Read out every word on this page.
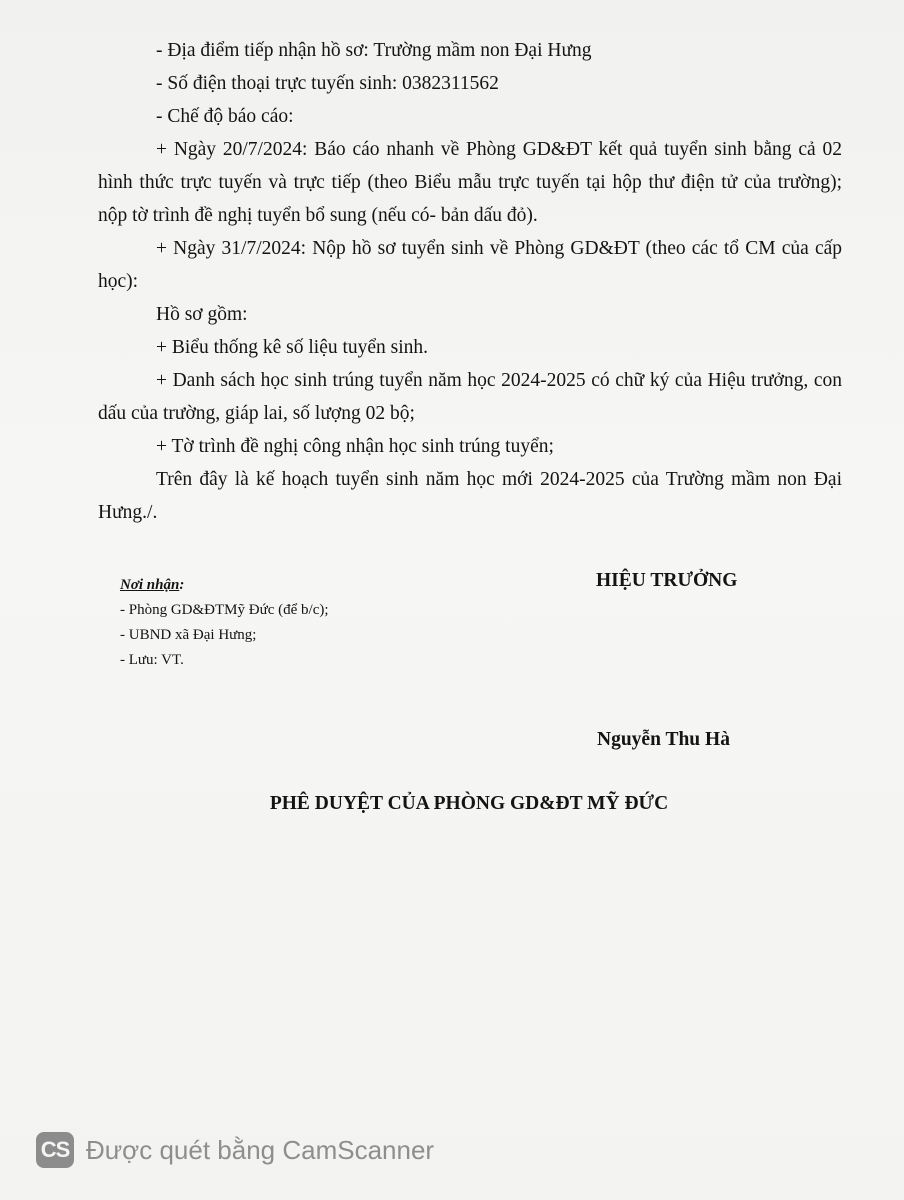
- Địa điểm tiếp nhận hồ sơ: Trường mầm non Đại Hưng

- Số điện thoại trực tuyến sinh: 0382311562

- Chế độ báo cáo:

+ Ngày 20/7/2024: Báo cáo nhanh về Phòng GD&ĐT kết quả tuyển sinh bằng cả 02 hình thức trực tuyến và trực tiếp (theo Biểu mẫu trực tuyến tại hộp thư điện tử của trường); nộp tờ trình đề nghị tuyển bổ sung (nếu có- bản dấu đỏ).

+ Ngày 31/7/2024: Nộp hồ sơ tuyển sinh về Phòng GD&ĐT (theo các tổ CM của cấp học):

Hồ sơ gồm:

+ Biểu thống kê số liệu tuyển sinh.

+ Danh sách học sinh trúng tuyển năm học 2024-2025 có chữ ký của Hiệu trưởng, con dấu của trường, giáp lai, số lượng 02 bộ;

+ Tờ trình đề nghị công nhận học sinh trúng tuyển;

Trên đây là kế hoạch tuyển sinh năm học mới 2024-2025 của Trường mầm non Đại Hưng./.

Nơi nhận:
- Phòng GD&ĐTMỹ Đức (để b/c);
- UBND xã Đại Hưng;
- Lưu: VT.
HIỆU TRƯỞNG
Nguyễn Thu Hà
PHÊ DUYỆT CỦA PHÒNG GD&ĐT MỸ ĐỨC
CS Được quét bằng CamScanner
